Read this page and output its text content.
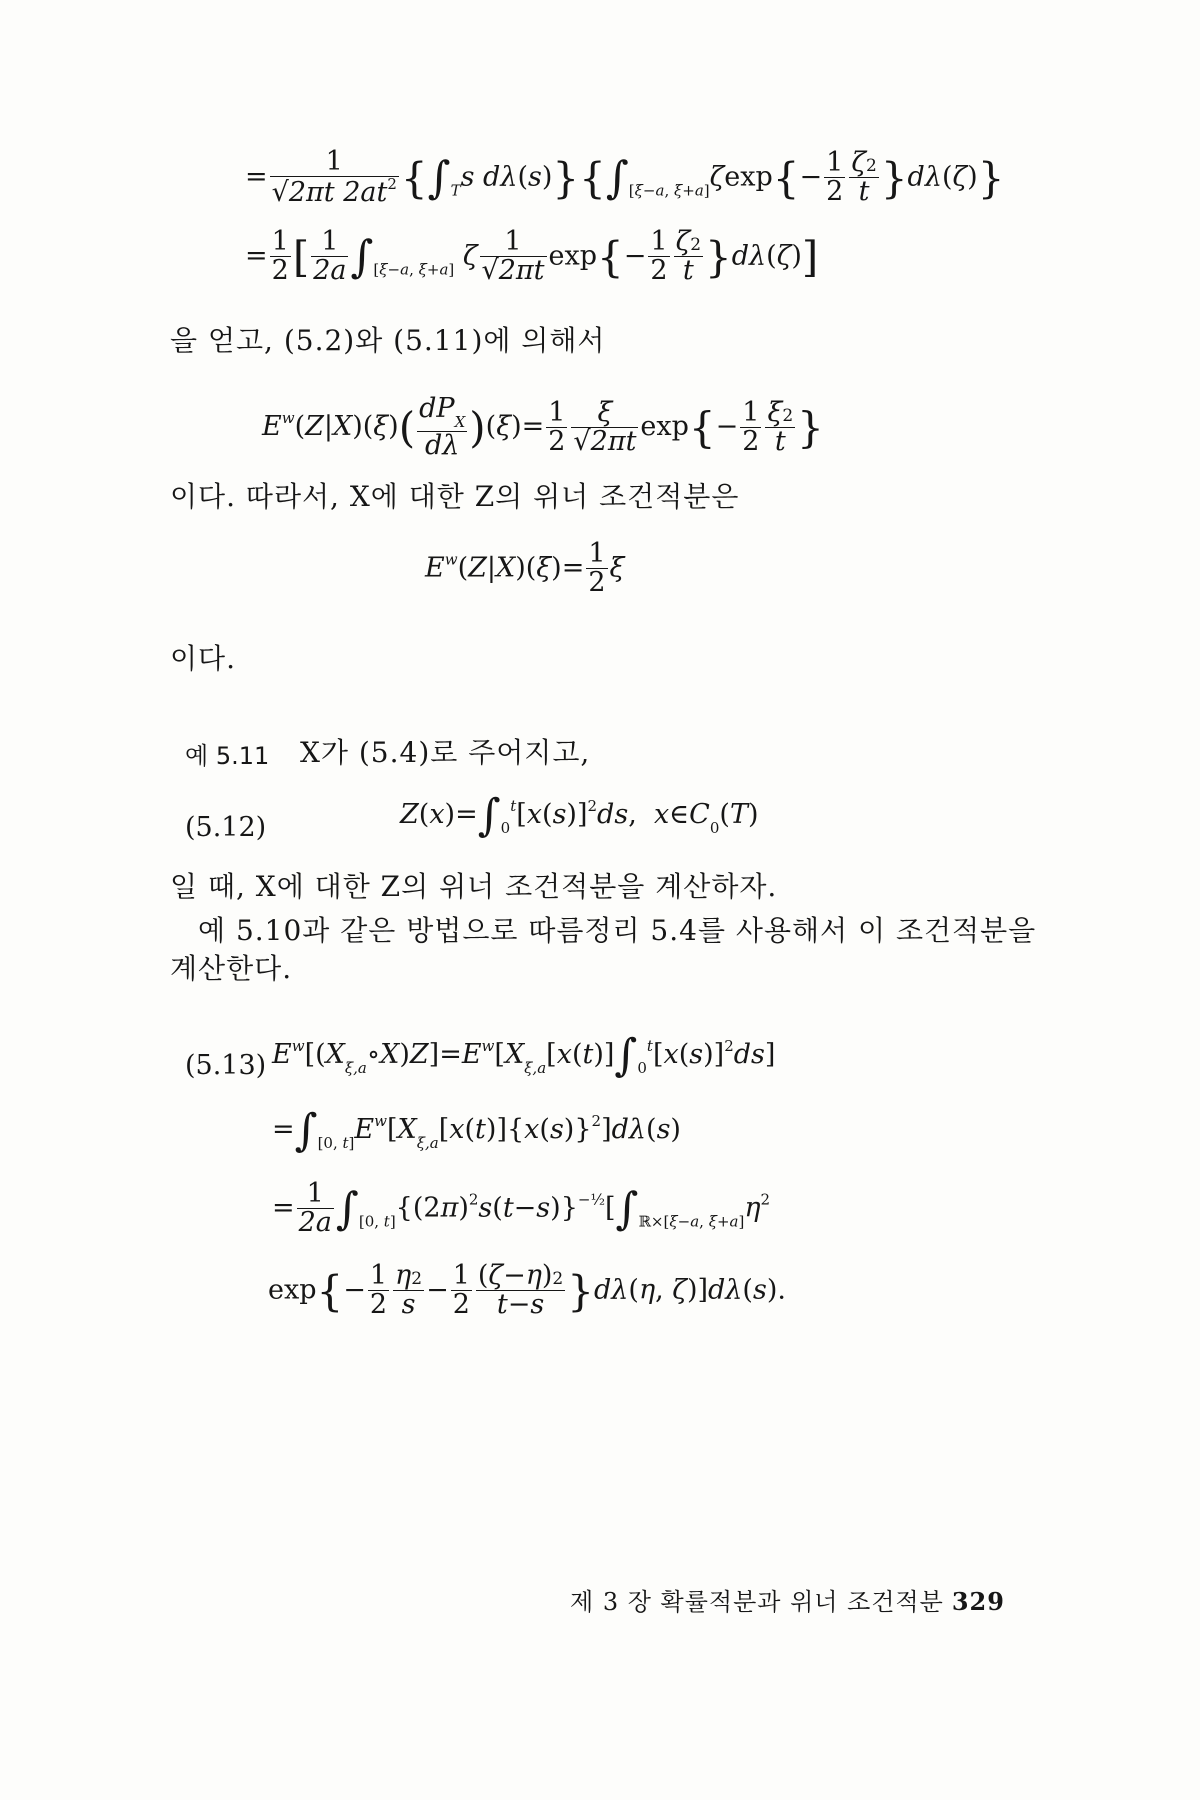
= $\frac{1}{√2\pi t 2at^2} \{\int_Ts$ $d\lambda(s)\}\{\int_{[\xi-a, \xi+a]}\zeta\exp\{- \frac{1}{2} \frac{\zeta 2}{t} \}d\lambda(\zeta)\}$
= $\frac{1}{2}$ [ $\frac{1}{2a} \int_{[\xi-a, \xi+a]}$ ζ $\frac{1}{√2\pi t} \exp\{- \frac{1}{2} \frac{\zeta 2}{t} \}d\lambda(\zeta)$]
을 얻고, (5.2)와 (5.11)에 의해서
$E^w(Z|X)(\xi)( \frac{dP_X}{d\lambda} )(\xi)= \frac{1}{2} \frac{\xi}{√2\pi t} \exp\{- \frac{1}{2} \frac{\xi 2}{t}$ }
이다. 따라서, X에 대한 Z의 위너 조건적분은
$E^w(Z|X)(\xi)= \frac{1}{2}$ ξ
이다.
예 5.11 X가 (5.4)로 주어지고,
(5.12)	$Z(x)=\int_0^t[x(s)]^2ds$,  $x\in C_0(T)$
일 때, X에 대한 Z의 위너 조건적분을 계산하자.
예 5.10과 같은 방법으로 따름정리 5.4를 사용해서 이 조건적분을 계산한다.
(5.13) $E^w[(X_{\xi,a}\circ X)Z]=E^w[X_{\xi,a}[x(t)]\int_0^t[x(s)]^2ds]$
$=\int_{[0, t]}E^w[X_{\xi,a}[x(t)]\{x(s)\}^2]d\lambda(s)$
= $\frac{1}{2a} \int_{[0, t]}\{(2\pi)^2s(t-s)\}^{-\frac{1}{2}}[\int_{ℝ\times[\xi-a, \xi+a]}\eta^2$
$\exp\{- \frac{1}{2} \frac{\eta 2}{s} - \frac{1}{2} \frac{(\zeta-\eta)2}{t-s} \}d\lambda(\eta$, ζ)]dλ(s).
제 3 장 확률적분과 위너 조건적분 329
